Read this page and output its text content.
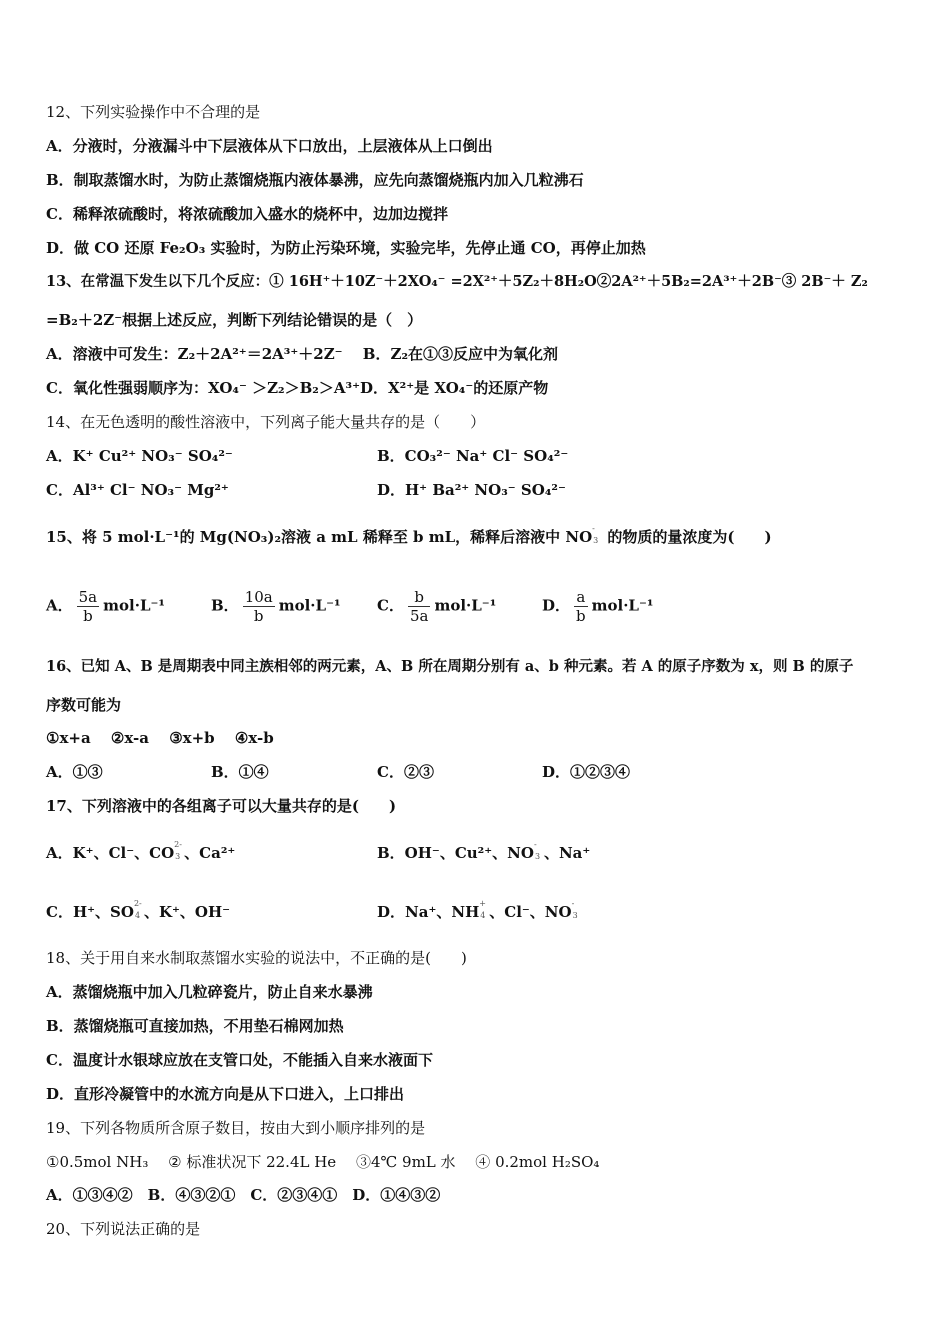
12、下列实验操作中不合理的是
A．分液时，分液漏斗中下层液体从下口放出，上层液体从上口倒出
B．制取蒸馏水时，为防止蒸馏烧瓶内液体暴沸，应先向蒸馏烧瓶内加入几粒沸石
C．稀释浓硫酸时，将浓硫酸加入盛水的烧杯中，边加边搅拌
D．做 CO 还原 Fe₂O₃ 实验时，为防止污染环境，实验完毕，先停止通 CO，再停止加热
13、在常温下发生以下几个反应：① 16H⁺＋10Z⁻＋2XO₄⁻ =2X²⁺＋5Z₂＋8H₂O②2A²⁺＋5B₂=2A³⁺＋2B⁻③ 2B⁻＋ Z₂
=B₂＋2Z⁻根据上述反应，判断下列结论错误的是（　）
A．溶液中可发生：Z₂＋2A²⁺＝2A³⁺＋2Z⁻　 B．Z₂在①③反应中为氧化剂
C．氧化性强弱顺序为：XO₄⁻ ＞Z₂＞B₂＞A³⁺D．X²⁺是 XO₄⁻的还原产物
14、在无色透明的酸性溶液中，下列离子能大量共存的是（　　）
A．K⁺ Cu²⁺ NO₃⁻ SO₄²⁻	B．CO₃²⁻ Na⁺ Cl⁻ SO₄²⁻
C．Al³⁺ Cl⁻ NO₃⁻ Mg²⁺	D．H⁺ Ba²⁺ NO₃⁻ SO₄²⁻
15、将 5 mol·L⁻¹的 Mg(NO₃)₂溶液 a mL 稀释至 b mL，稀释后溶液中 NO -
3 的物质的量浓度为(　　)
A． $\frac{5a}{b} mol\cdot L^{-1}$	B． $\frac{10a}{b} mol\cdot L^{-1}$ C． $\frac{b}{5a} mol\cdot L^{-1}$	D． $\frac{a}{b} mol\cdot L^{-1}$
16、已知 A、B 是周期表中同主族相邻的两元素，A、B 所在周期分别有 a、b 种元素。若 A 的原子序数为 x，则 B 的原子
序数可能为
①x+a　 ②x-a　 ③x+b　 ④x-b
A．①③	B．①④	C．②③	D．①②③④
17、下列溶液中的各组离子可以大量共存的是(　　)
A．K⁺、Cl⁻、CO 2-
3 、Ca²⁺	B．OH⁻、Cu²⁺、NO -
3 、Na⁺
C．H⁺、SO 2-
4 、K⁺、OH⁻	D．Na⁺、NH +
4 、Cl⁻、NO -
3
18、关于用自来水制取蒸馏水实验的说法中，不正确的是(　　)
A．蒸馏烧瓶中加入几粒碎瓷片，防止自来水暴沸
B．蒸馏烧瓶可直接加热，不用垫石棉网加热
C．温度计水银球应放在支管口处，不能插入自来水液面下
D．直形冷凝管中的水流方向是从下口进入，上口排出
19、下列各物质所含原子数目，按由大到小顺序排列的是
①0.5mol NH₃　 ② 标准状况下 22.4L He　 ③4℃ 9mL 水　 ④ 0.2mol H₂SO₄
A．①③④②　B．④③②①　C．②③④①　D．①④③②
20、下列说法正确的是
